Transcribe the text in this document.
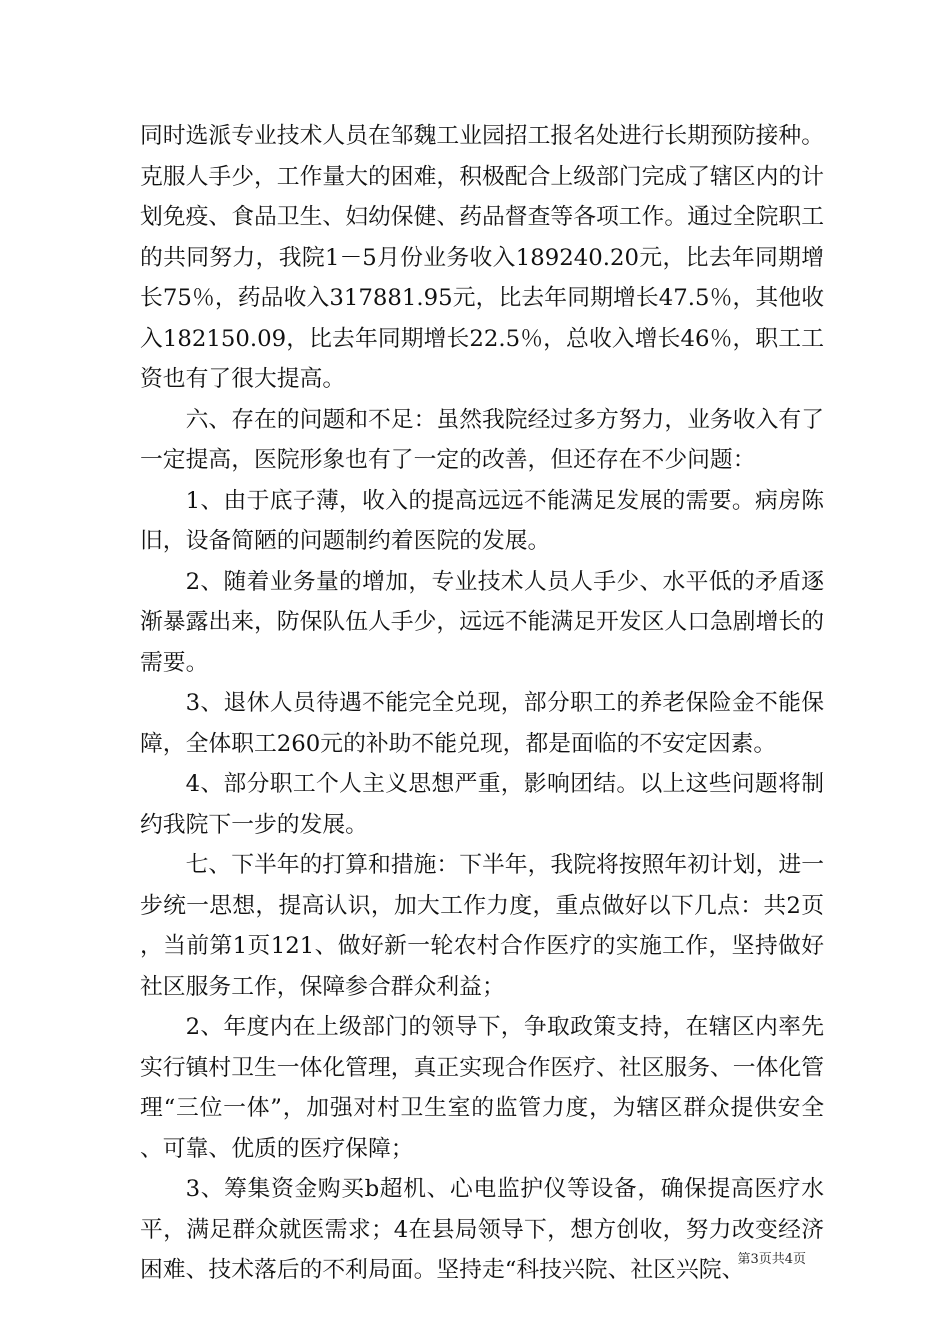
同时选派专业技术人员在邹魏工业园招工报名处进行长期预防接种。克服人手少，工作量大的困难，积极配合上级部门完成了辖区内的计划免疫、食品卫生、妇幼保健、药品督查等各项工作。通过全院职工的共同努力，我院1－5月份业务收入189240.20元，比去年同期增长75％，药品收入317881.95元，比去年同期增长47.5％，其他收入182150.09，比去年同期增长22.5％，总收入增长46％，职工工资也有了很大提高。

六、存在的问题和不足：虽然我院经过多方努力，业务收入有了一定提高，医院形象也有了一定的改善，但还存在不少问题：

1、由于底子薄，收入的提高远远不能满足发展的需要。病房陈旧，设备简陋的问题制约着医院的发展。

2、随着业务量的增加，专业技术人员人手少、水平低的矛盾逐渐暴露出来，防保队伍人手少，远远不能满足开发区人口急剧增长的需要。

3、退休人员待遇不能完全兑现，部分职工的养老保险金不能保障，全体职工260元的补助不能兑现，都是面临的不安定因素。

4、部分职工个人主义思想严重，影响团结。以上这些问题将制约我院下一步的发展。

七、下半年的打算和措施：下半年，我院将按照年初计划，进一步统一思想，提高认识，加大工作力度，重点做好以下几点：共2页，当前第1页121、做好新一轮农村合作医疗的实施工作，坚持做好社区服务工作，保障参合群众利益；

2、年度内在上级部门的领导下，争取政策支持，在辖区内率先实行镇村卫生一体化管理，真正实现合作医疗、社区服务、一体化管理“三位一体”，加强对村卫生室的监管力度，为辖区群众提供安全、可靠、优质的医疗保障；

3、筹集资金购买b超机、心电监护仪等设备，确保提高医疗水平，满足群众就医需求；4在县局领导下，想方创收，努力改变经济困难、技术落后的不利局面。坚持走“科技兴院、社区兴院、

第3页共4页
